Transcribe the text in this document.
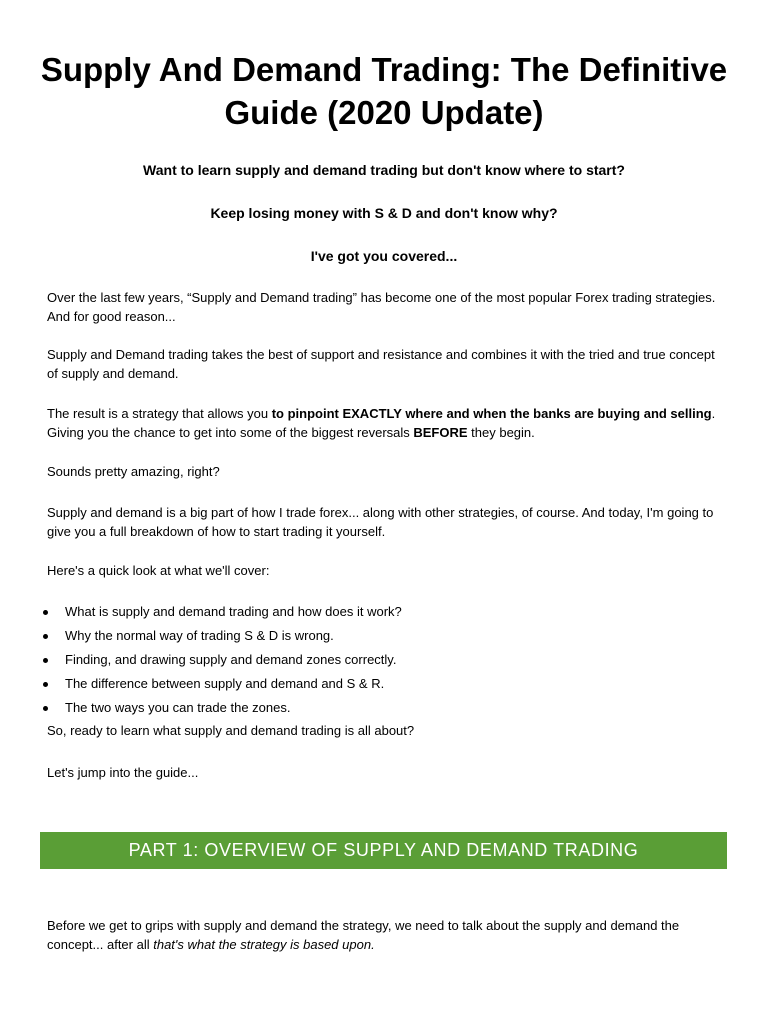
Supply And Demand Trading: The Definitive Guide (2020 Update)

Want to learn supply and demand trading but don't know where to start?

Keep losing money with S & D and don't know why?

I've got you covered...

Over the last few years, “Supply and Demand trading” has become one of the most popular Forex trading strategies. And for good reason...

Supply and Demand trading takes the best of support and resistance and combines it with the tried and true concept of supply and demand.

The result is a strategy that allows you to pinpoint EXACTLY where and when the banks are buying and selling. Giving you the chance to get into some of the biggest reversals BEFORE they begin.

Sounds pretty amazing, right?

Supply and demand is a big part of how I trade forex... along with other strategies, of course. And today, I'm going to give you a full breakdown of how to start trading it yourself.

Here's a quick look at what we'll cover:

What is supply and demand trading and how does it work?
Why the normal way of trading S & D is wrong.
Finding, and drawing supply and demand zones correctly.
The difference between supply and demand and S & R.
The two ways you can trade the zones.

So, ready to learn what supply and demand trading is all about?

Let's jump into the guide...

PART 1: OVERVIEW OF SUPPLY AND DEMAND TRADING

Before we get to grips with supply and demand the strategy, we need to talk about the supply and demand the concept... after all that's what the strategy is based upon.
